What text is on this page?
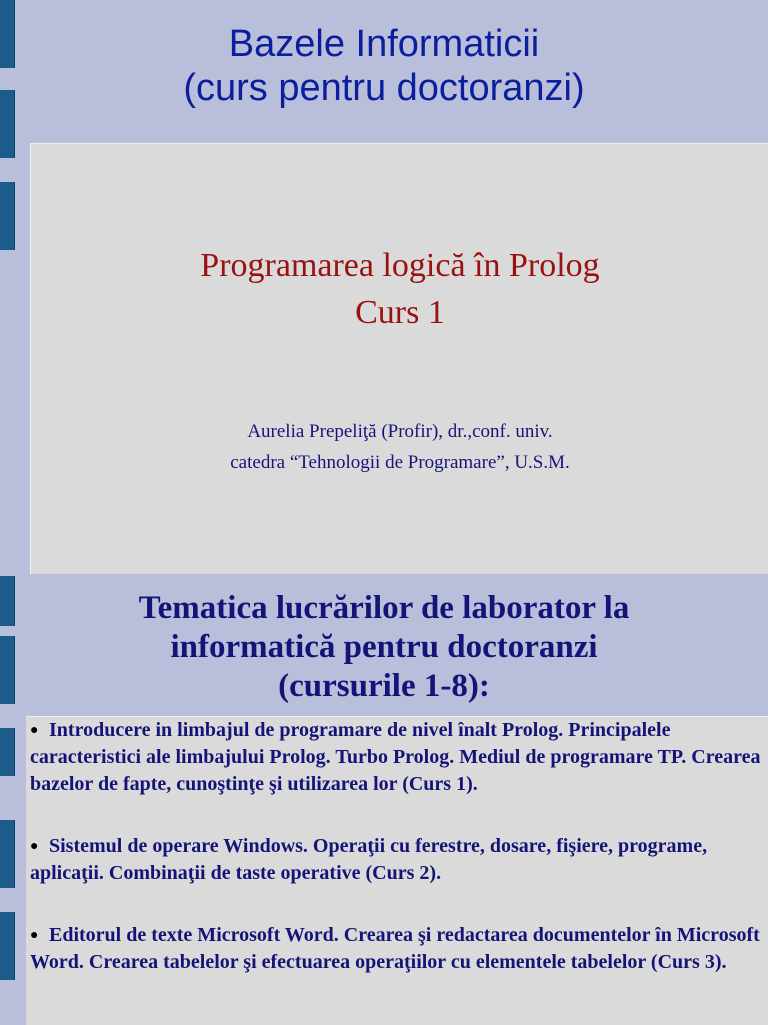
Bazele Informaticii
(curs pentru doctoranzi)
Programarea logică în Prolog
Curs 1
Aurelia Prepeliţă (Profir), dr.,conf. univ.
catedra “Tehnologii de Programare”, U.S.M.
Tematica lucrărilor de laborator la
informatică pentru doctoranzi
(cursurile 1-8):
● Introducere in limbajul de programare de nivel înalt Prolog. Principalele caracteristici ale limbajului Prolog. Turbo Prolog. Mediul de programare TP. Crearea bazelor de fapte, cunoştinţe şi utilizarea lor (Curs 1).
● Sistemul de operare Windows. Operaţii cu ferestre, dosare, fişiere, programe, aplicaţii. Combinaţii de taste operative (Curs 2).
● Editorul de texte Microsoft Word. Crearea şi redactarea documentelor în Microsoft Word. Crearea tabelelor şi efectuarea operaţiilor cu elementele tabelelor (Curs 3).
